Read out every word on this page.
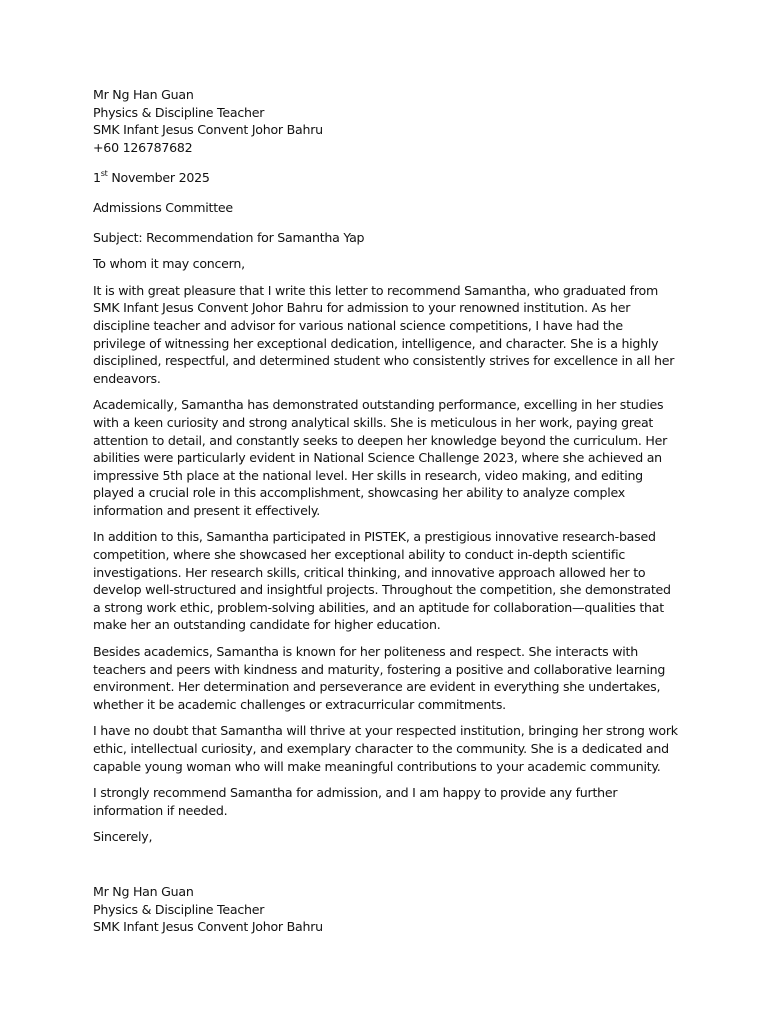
Mr Ng Han Guan
Physics & Discipline Teacher
SMK Infant Jesus Convent Johor Bahru
+60 126787682
1st November 2025
Admissions Committee
Subject: Recommendation for Samantha Yap
To whom it may concern,

It is with great pleasure that I write this letter to recommend Samantha, who graduated from SMK Infant Jesus Convent Johor Bahru for admission to your renowned institution. As her discipline teacher and advisor for various national science competitions, I have had the privilege of witnessing her exceptional dedication, intelligence, and character. She is a highly disciplined, respectful, and determined student who consistently strives for excellence in all her endeavors.

Academically, Samantha has demonstrated outstanding performance, excelling in her studies with a keen curiosity and strong analytical skills. She is meticulous in her work, paying great attention to detail, and constantly seeks to deepen her knowledge beyond the curriculum. Her abilities were particularly evident in National Science Challenge 2023, where she achieved an impressive 5th place at the national level. Her skills in research, video making, and editing played a crucial role in this accomplishment, showcasing her ability to analyze complex information and present it effectively.

In addition to this, Samantha participated in PISTEK, a prestigious innovative research-based competition, where she showcased her exceptional ability to conduct in-depth scientific investigations. Her research skills, critical thinking, and innovative approach allowed her to develop well-structured and insightful projects. Throughout the competition, she demonstrated a strong work ethic, problem-solving abilities, and an aptitude for collaboration—qualities that make her an outstanding candidate for higher education.

Besides academics, Samantha is known for her politeness and respect. She interacts with teachers and peers with kindness and maturity, fostering a positive and collaborative learning environment. Her determination and perseverance are evident in everything she undertakes, whether it be academic challenges or extracurricular commitments.

I have no doubt that Samantha will thrive at your respected institution, bringing her strong work ethic, intellectual curiosity, and exemplary character to the community. She is a dedicated and capable young woman who will make meaningful contributions to your academic community.

I strongly recommend Samantha for admission, and I am happy to provide any further information if needed.

Sincerely,
Mr Ng Han Guan
Physics & Discipline Teacher
SMK Infant Jesus Convent Johor Bahru
